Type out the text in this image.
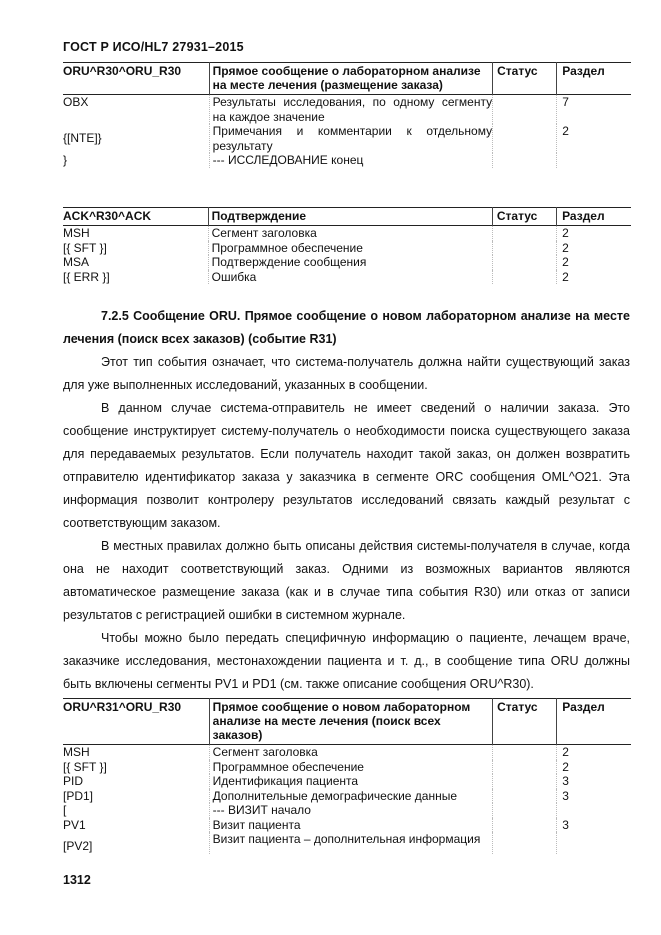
ГОСТ Р ИСО/HL7 27931–2015
ORU^R30^ORU_R30	Прямое сообщение о лабораторном анализе на месте лечения (размещение заказа)	Статус	Раздел
OBX	Результаты исследования, по одному сегменту на каждое значение		7
{[NTE]}	Примечания и комментарии к отдельному результату		2
}	--- ИССЛЕДОВАНИЕ конец		
ACK^R30^ACK	Подтверждение	Статус	Раздел
MSH	Сегмент заголовка		2
[{ SFT }]	Программное обеспечение		2
MSA	Подтверждение сообщения		2
[{ ERR }]	Ошибка		2

7.2.5 Сообщение ORU. Прямое сообщение о новом лабораторном анализе на месте лечения (поиск всех заказов) (событие R31)

Этот тип события означает, что система-получатель должна найти существующий заказ для уже выполненных исследований, указанных в сообщении.

В данном случае система-отправитель не имеет сведений о наличии заказа. Это сообщение инструктирует систему-получатель о необходимости поиска существующего заказа для передаваемых результатов. Если получатель находит такой заказ, он должен возвратить отправителю идентификатор заказа у заказчика в сегменте ORC сообщения OML^O21. Эта информация позволит контролеру результатов исследований связать каждый результат с соответствующим заказом.

В местных правилах должно быть описаны действия системы-получателя в случае, когда она не находит соответствующий заказ. Одними из возможных вариантов являются автоматическое размещение заказа (как и в случае типа события R30) или отказ от записи результатов с регистрацией ошибки в системном журнале.

Чтобы можно было передать специфичную информацию о пациенте, лечащем враче, заказчике исследования, местонахождении пациента и т. д., в сообщение типа ORU должны быть включены сегменты PV1 и PD1 (см. также описание сообщения ORU^R30).

ORU^R31^ORU_R30	Прямое сообщение о новом лабораторном анализе на месте лечения (поиск всех заказов)	Статус	Раздел
MSH	Сегмент заголовка		2
[{ SFT }]	Программное обеспечение		2
PID	Идентификация пациента		3
[PD1]	Дополнительные демографические данные		3
[	--- ВИЗИТ начало		
PV1	Визит пациента		3
[PV2]	Визит пациента – дополнительная информация		
1312
